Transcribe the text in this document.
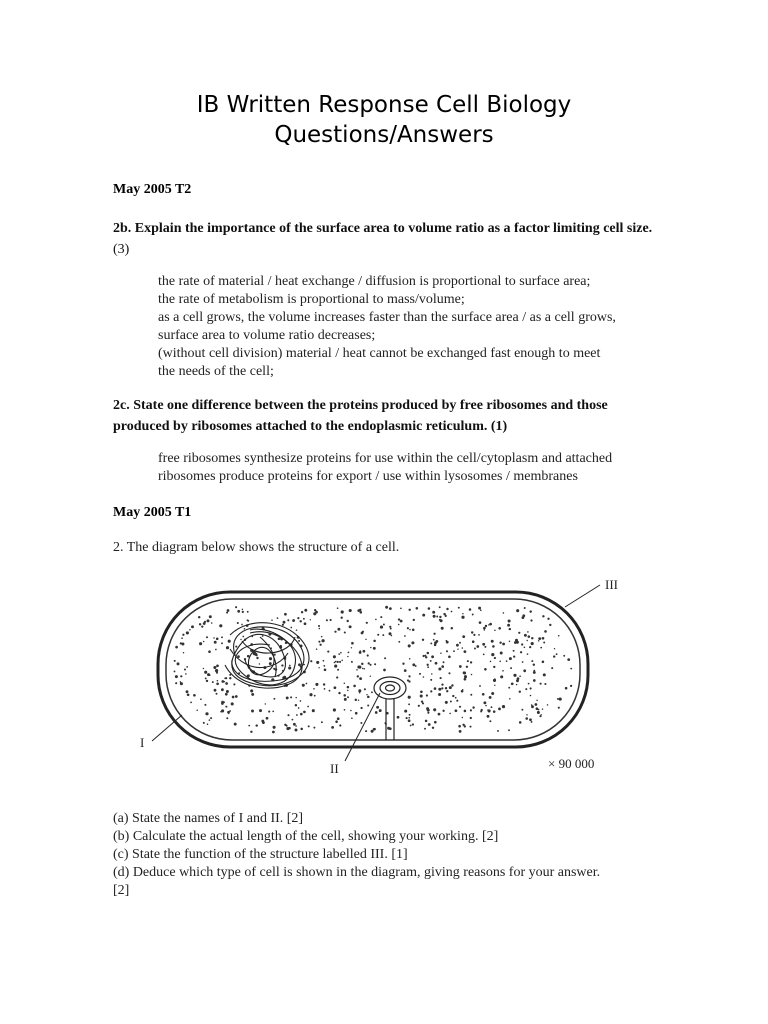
IB Written Response Cell Biology
Questions/Answers
May 2005 T2
2b. Explain the importance of the surface area to volume ratio as a factor limiting cell size. (3)
the rate of material / heat exchange / diffusion is proportional to surface area;
the rate of metabolism is proportional to mass/volume;
as a cell grows, the volume increases faster than the surface area / as a cell grows,
surface area to volume ratio decreases;
(without cell division) material / heat cannot be exchanged fast enough to meet
the needs of the cell;
2c. State one difference between the proteins produced by free ribosomes and those produced by ribosomes attached to the endoplasmic reticulum. (1)
free ribosomes synthesize proteins for use within the cell/cytoplasm and attached
ribosomes produce proteins for export / use within lysosomes / membranes
May 2005 T1
2. The diagram below shows the structure of a cell.
III
I
II	× 90 000
(a) State the names of I and II. [2]
(b) Calculate the actual length of the cell, showing your working. [2]
(c) State the function of the structure labelled III. [1]
(d) Deduce which type of cell is shown in the diagram, giving reasons for your answer.
[2]
